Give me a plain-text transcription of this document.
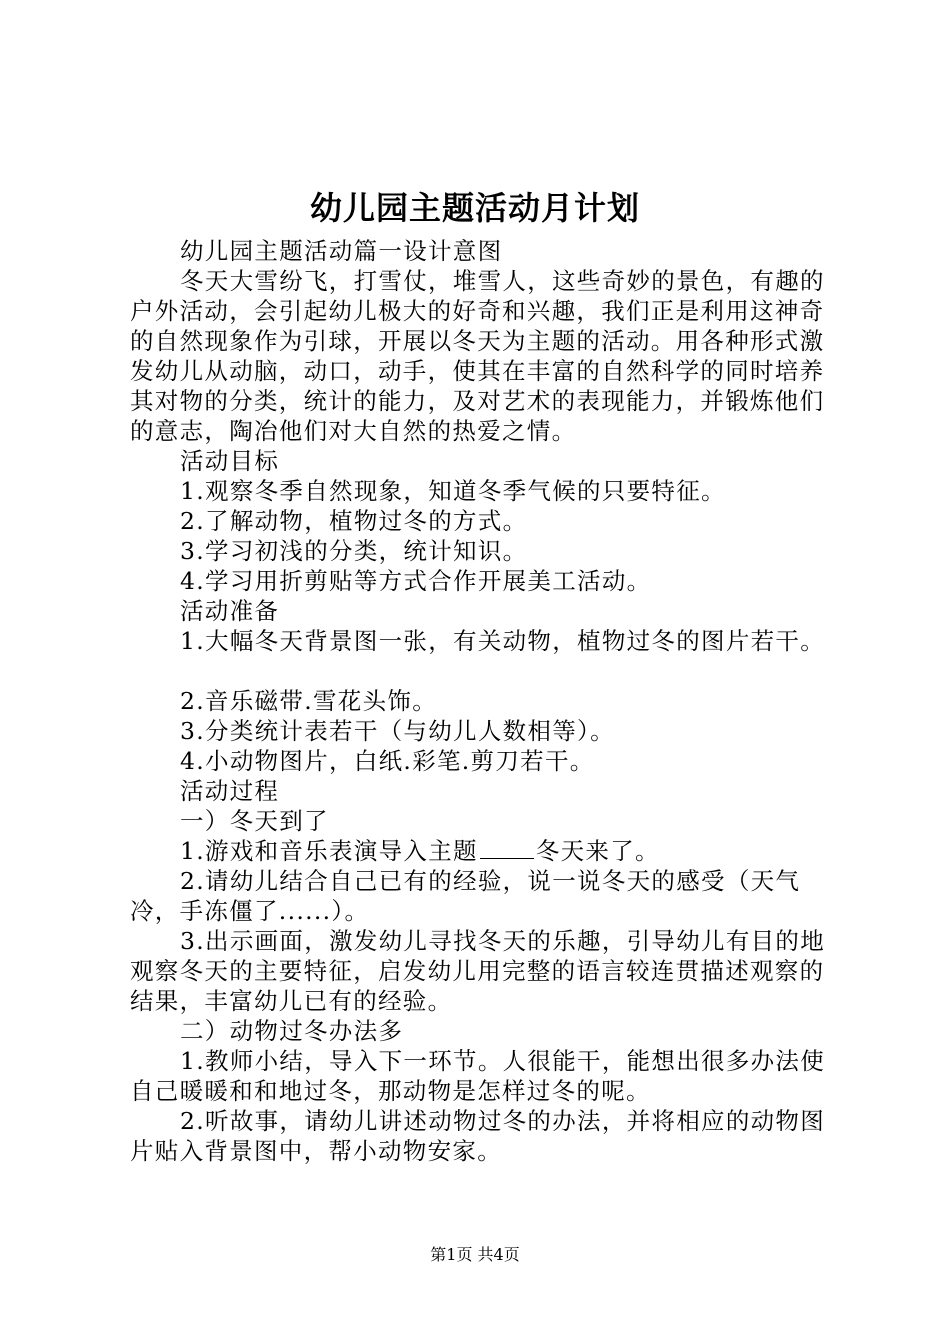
幼儿园主题活动月计划

幼儿园主题活动篇一设计意图

冬天大雪纷飞，打雪仗，堆雪人，这些奇妙的景色，有趣的户外活动，会引起幼儿极大的好奇和兴趣，我们正是利用这神奇的自然现象作为引球，开展以冬天为主题的活动。用各种形式激发幼儿从动脑，动口，动手，使其在丰富的自然科学的同时培养其对物的分类，统计的能力，及对艺术的表现能力，并锻炼他们的意志，陶冶他们对大自然的热爱之情。

活动目标

1.观察冬季自然现象，知道冬季气候的只要特征。

2.了解动物，植物过冬的方式。

3.学习初浅的分类，统计知识。

4.学习用折剪贴等方式合作开展美工活动。

活动准备

1.大幅冬天背景图一张，有关动物，植物过冬的图片若干。

2.音乐磁带.雪花头饰。

3.分类统计表若干（与幼儿人数相等）。

4.小动物图片，白纸.彩笔.剪刀若干。

活动过程

一）冬天到了

1.游戏和音乐表演导入主题 冬天来了。

2.请幼儿结合自己已有的经验，说一说冬天的感受（天气冷，手冻僵了......）。

3.出示画面，激发幼儿寻找冬天的乐趣，引导幼儿有目的地观察冬天的主要特征，启发幼儿用完整的语言较连贯描述观察的结果，丰富幼儿已有的经验。

二）动物过冬办法多

1.教师小结，导入下一环节。人很能干，能想出很多办法使自己暖暖和和地过冬，那动物是怎样过冬的呢。

2.听故事，请幼儿讲述动物过冬的办法，并将相应的动物图片贴入背景图中，帮小动物安家。

第1页 共4页
